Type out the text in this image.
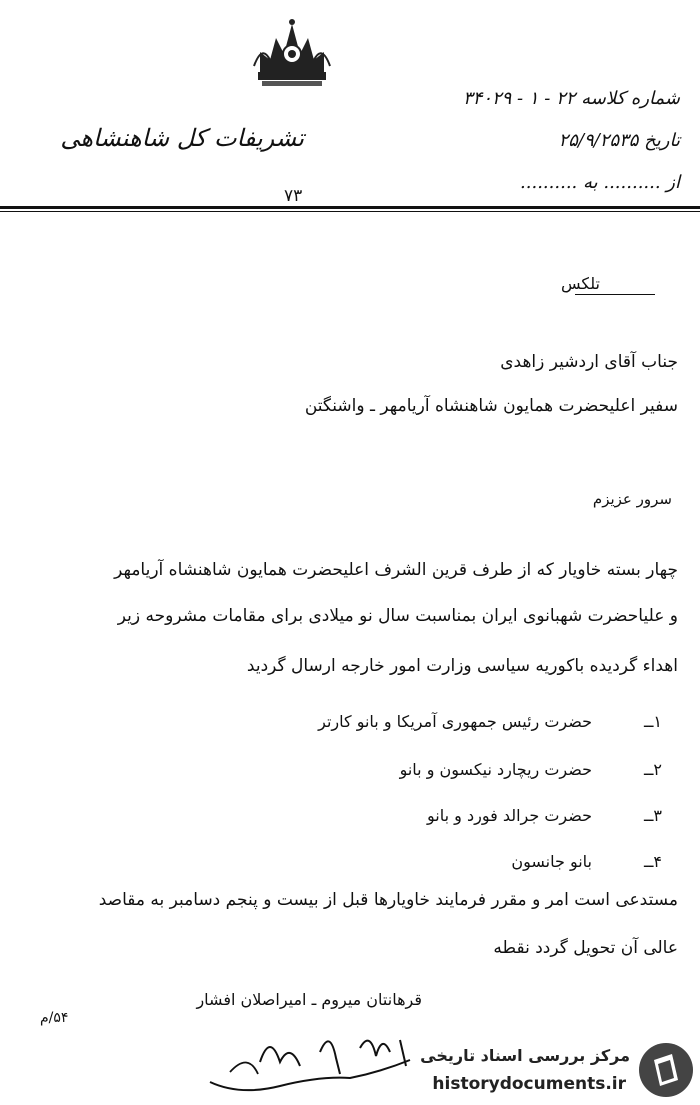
تشریفات کل شاهنشاهی
شماره کلاسه ۲۲ - ۱ - ۳۴۰۲۹
تاریخ ۲۵/۹/۲۵۳۵
از .......... به ..........
۷۳
تلکس
جناب آقای اردشیر زاهدی
سفیر اعلیحضرت همایون شاهنشاه آریامهر ـ واشنگتن
سرور عزیزم
چهار بسته خاویار که از طرف قرین الشرف اعلیحضرت همایون شاهنشاه آریامهر
و علیاحضرت شهبانوی ایران بمناسبت سال نو میلادی برای مقامات مشروحه زیر
اهداء گردیده باکوریه سیاسی وزارت امور خارجه ارسال گردید
۱ــحضرت رئیس جمهوری آمریکا و بانو کارتر
۲ــحضرت ریچارد نیکسون و بانو
۳ــحضرت جرالد فورد و بانو
۴ــبانو جانسون
مستدعی است امر و مقرر فرمایند خاویارها قبل از بیست و پنجم دسامبر به مقاصد
عالی آن تحویل گردد نقطه
قرهانتان میروم ـ امیراصلان افشار
۵۴/م
مرکز بررسی اسناد تاریخی
historydocuments.ir
